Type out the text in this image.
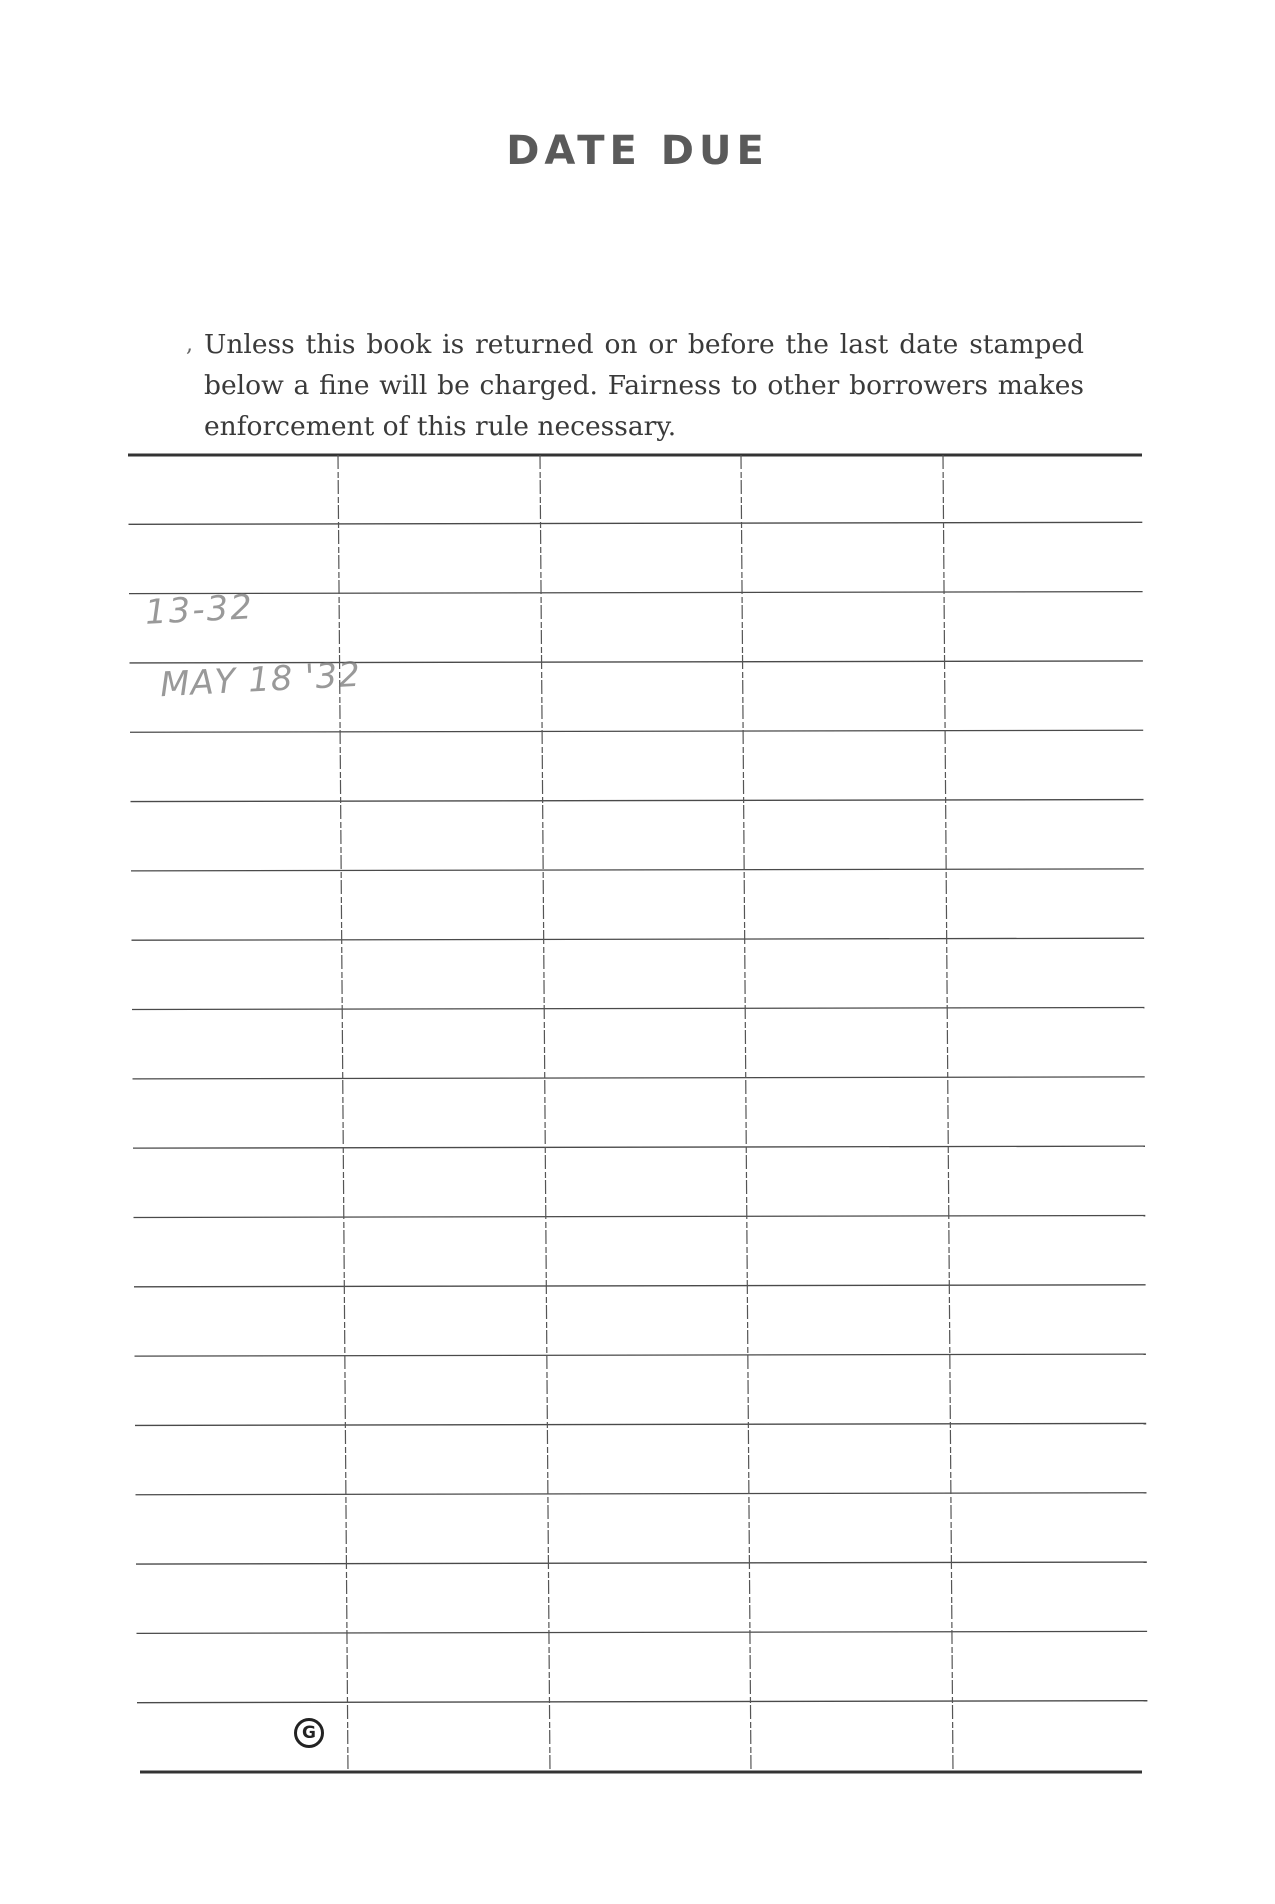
DATE DUE
, Unless this book is returned on or before the last date stamped below a fine will be charged. Fairness to other borrowers makes enforcement of this rule necessary.
13-32
MAY 18 '32
G
